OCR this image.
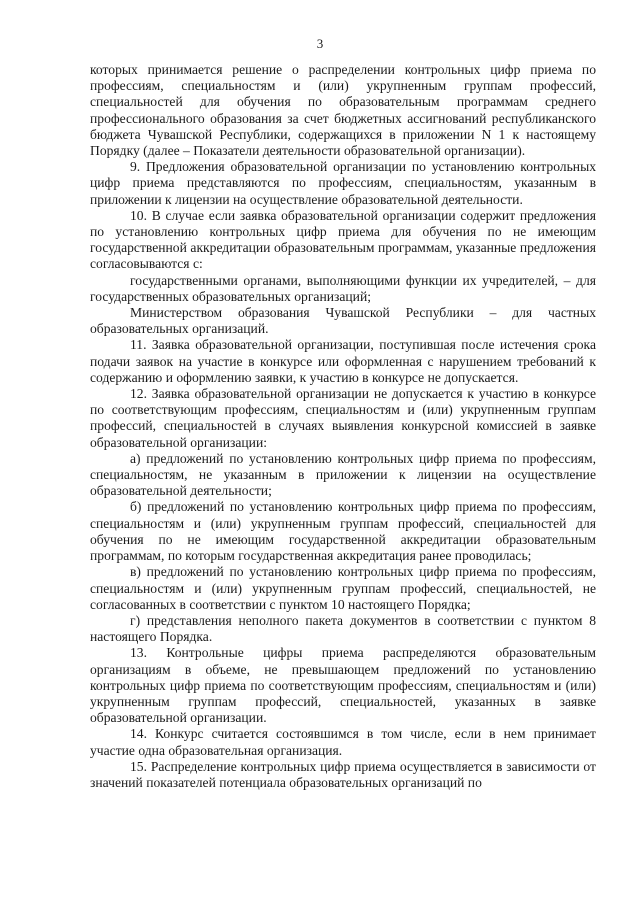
3

которых принимается решение о распределении контрольных цифр приема по профессиям, специальностям и (или) укрупненным группам профессий, специальностей для обучения по образовательным программам среднего профессионального образования за счет бюджетных ассигнований республиканского бюджета Чувашской Республики, содержащихся в приложении N 1 к настоящему Порядку (далее – Показатели деятельности образовательной организации).

9. Предложения образовательной организации по установлению контрольных цифр приема представляются по профессиям, специальностям, указанным в приложении к лицензии на осуществление образовательной деятельности.

10. В случае если заявка образовательной организации содержит предложения по установлению контрольных цифр приема для обучения по не имеющим государственной аккредитации образовательным программам, указанные предложения согласовываются с:

государственными органами, выполняющими функции их учредителей, – для государственных образовательных организаций;

Министерством образования Чувашской Республики – для частных образовательных организаций.

11. Заявка образовательной организации, поступившая после истечения срока подачи заявок на участие в конкурсе или оформленная с нарушением требований к содержанию и оформлению заявки, к участию в конкурсе не допускается.

12. Заявка образовательной организации не допускается к участию в конкурсе по соответствующим профессиям, специальностям и (или) укрупненным группам профессий, специальностей в случаях выявления конкурсной комиссией в заявке образовательной организации:

а) предложений по установлению контрольных цифр приема по профессиям, специальностям, не указанным в приложении к лицензии на осуществление образовательной деятельности;

б) предложений по установлению контрольных цифр приема по профессиям, специальностям и (или) укрупненным группам профессий, специальностей для обучения по не имеющим государственной аккредитации образовательным программам, по которым государственная аккредитация ранее проводилась;

в) предложений по установлению контрольных цифр приема по профессиям, специальностям и (или) укрупненным группам профессий, специальностей, не согласованных в соответствии с пунктом 10 настоящего Порядка;

г) представления неполного пакета документов в соответствии с пунктом 8 настоящего Порядка.

13. Контрольные цифры приема распределяются образовательным организациям в объеме, не превышающем предложений по установлению контрольных цифр приема по соответствующим профессиям, специальностям и (или) укрупненным группам профессий, специальностей, указанных в заявке образовательной организации.

14. Конкурс считается состоявшимся в том числе, если в нем принимает участие одна образовательная организация.

15. Распределение контрольных цифр приема осуществляется в зависимости от значений показателей потенциала образовательных организаций по
